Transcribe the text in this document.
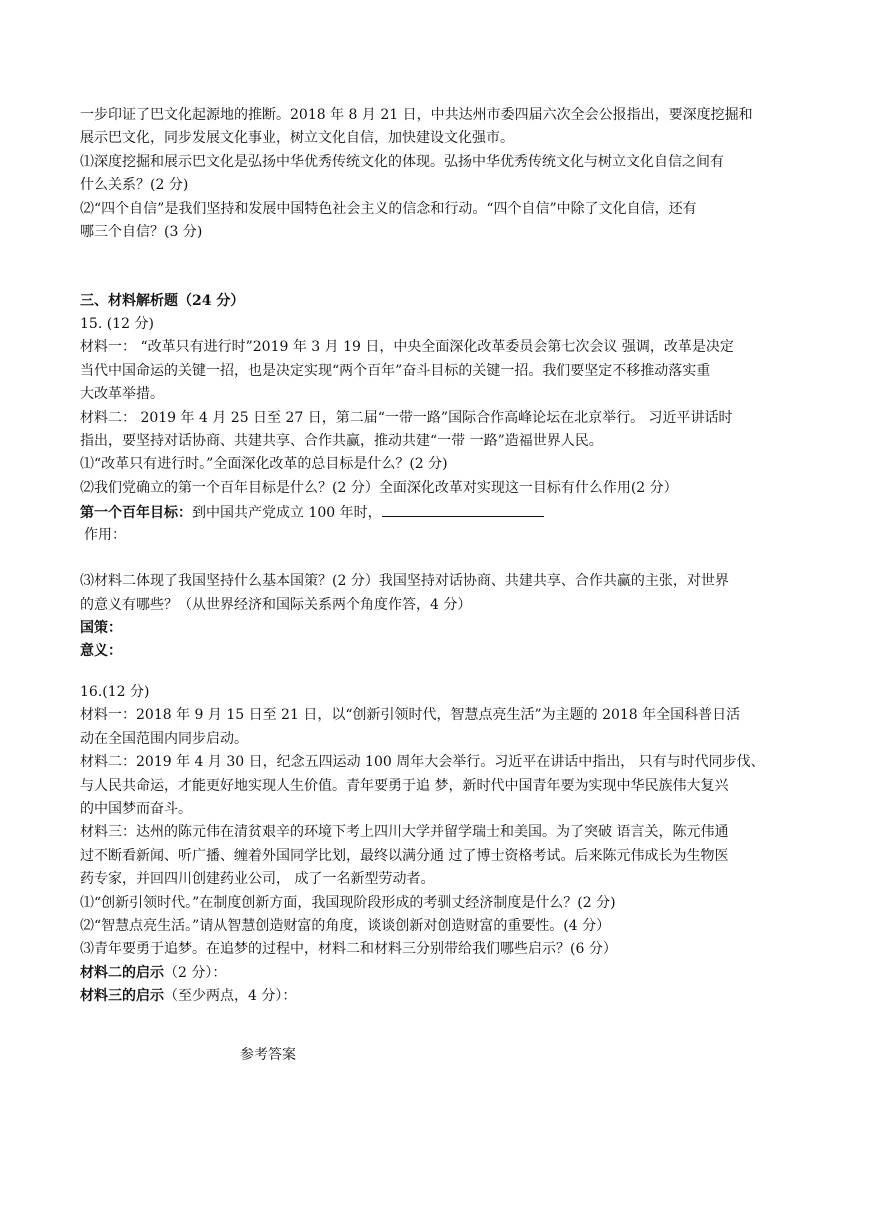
一步印证了巴文化起源地的推断。2018 年 8 月 21 日，中共达州市委四届六次全会公报指出，要深度挖掘和
展示巴文化，同步发展文化事业，树立文化自信，加快建设文化强市。
⑴深度挖掘和展示巴文化是弘扬中华优秀传统文化的体现。弘扬中华优秀传统文化与树立文化自信之间有
什么关系？(2 分)
⑵“四个自信”是我们坚持和发展中国特色社会主义的信念和行动。“四个自信”中除了文化自信，还有
哪三个自信？(3 分)
三、材料解析题（24 分）
15. (12 分)
材料一： “改革只有进行时”2019 年 3 月 19 日，中央全面深化改革委员会第七次会议 强调，改革是决定
当代中国命运的关键一招，也是决定实现“两个百年”奋斗目标的关键一招。我们要坚定不移推动落实重
大改革举措。
材料二： 2019 年 4 月 25 日至 27 日，第二届“一带一路”国际合作高峰论坛在北京举行。 习近平讲话时
指出，要坚持对话协商、共建共享、合作共赢，推动共建“一带 一路”造福世界人民。
⑴“改革只有进行时。”全面深化改革的总目标是什么？(2 分)
⑵我们党确立的第一个百年目标是什么？(2 分）全面深化改革对实现这一目标有什么作用(2 分）
第一个百年目标：到中国共产党成立 100 年时，
作用：
⑶材料二体现了我国坚持什么基本国策？(2 分）我国坚持对话协商、共建共享、合作共赢的主张，对世界
的意义有哪些？（从世界经济和国际关系两个角度作答，4 分）
国策：
意义：
16.(12 分)
材料一：2018 年 9 月 15 日至 21 日，以“创新引领时代，智慧点亮生活”为主题的 2018 年全国科普日活
动在全国范围内同步启动。
材料二：2019 年 4 月 30 日，纪念五四运动 100 周年大会举行。习近平在讲话中指出， 只有与时代同步伐、
与人民共命运，才能更好地实现人生价值。青年要勇于追 梦，新时代中国青年要为实现中华民族伟大复兴
的中国梦而奋斗。
材料三：达州的陈元伟在清贫艰辛的环境下考上四川大学并留学瑞士和美国。为了突破 语言关，陈元伟通
过不断看新闻、听广播、缠着外国同学比划，最终以满分通 过了博士资格考试。后来陈元伟成长为生物医
药专家，并回四川创建药业公司， 成了一名新型劳动者。
⑴“创新引领时代。”在制度创新方面，我国现阶段形成的考驯丈经济制度是什么？(2 分)
⑵“智慧点亮生活。”请从智慧创造财富的角度，谈谈创新对创造财富的重要性。(4 分）
⑶青年要勇于追梦。在追梦的过程中，材料二和材料三分别带给我们哪些启示？(6 分）
材料二的启示（2 分）：
材料三的启示（至少两点，4 分）：
参考答案
